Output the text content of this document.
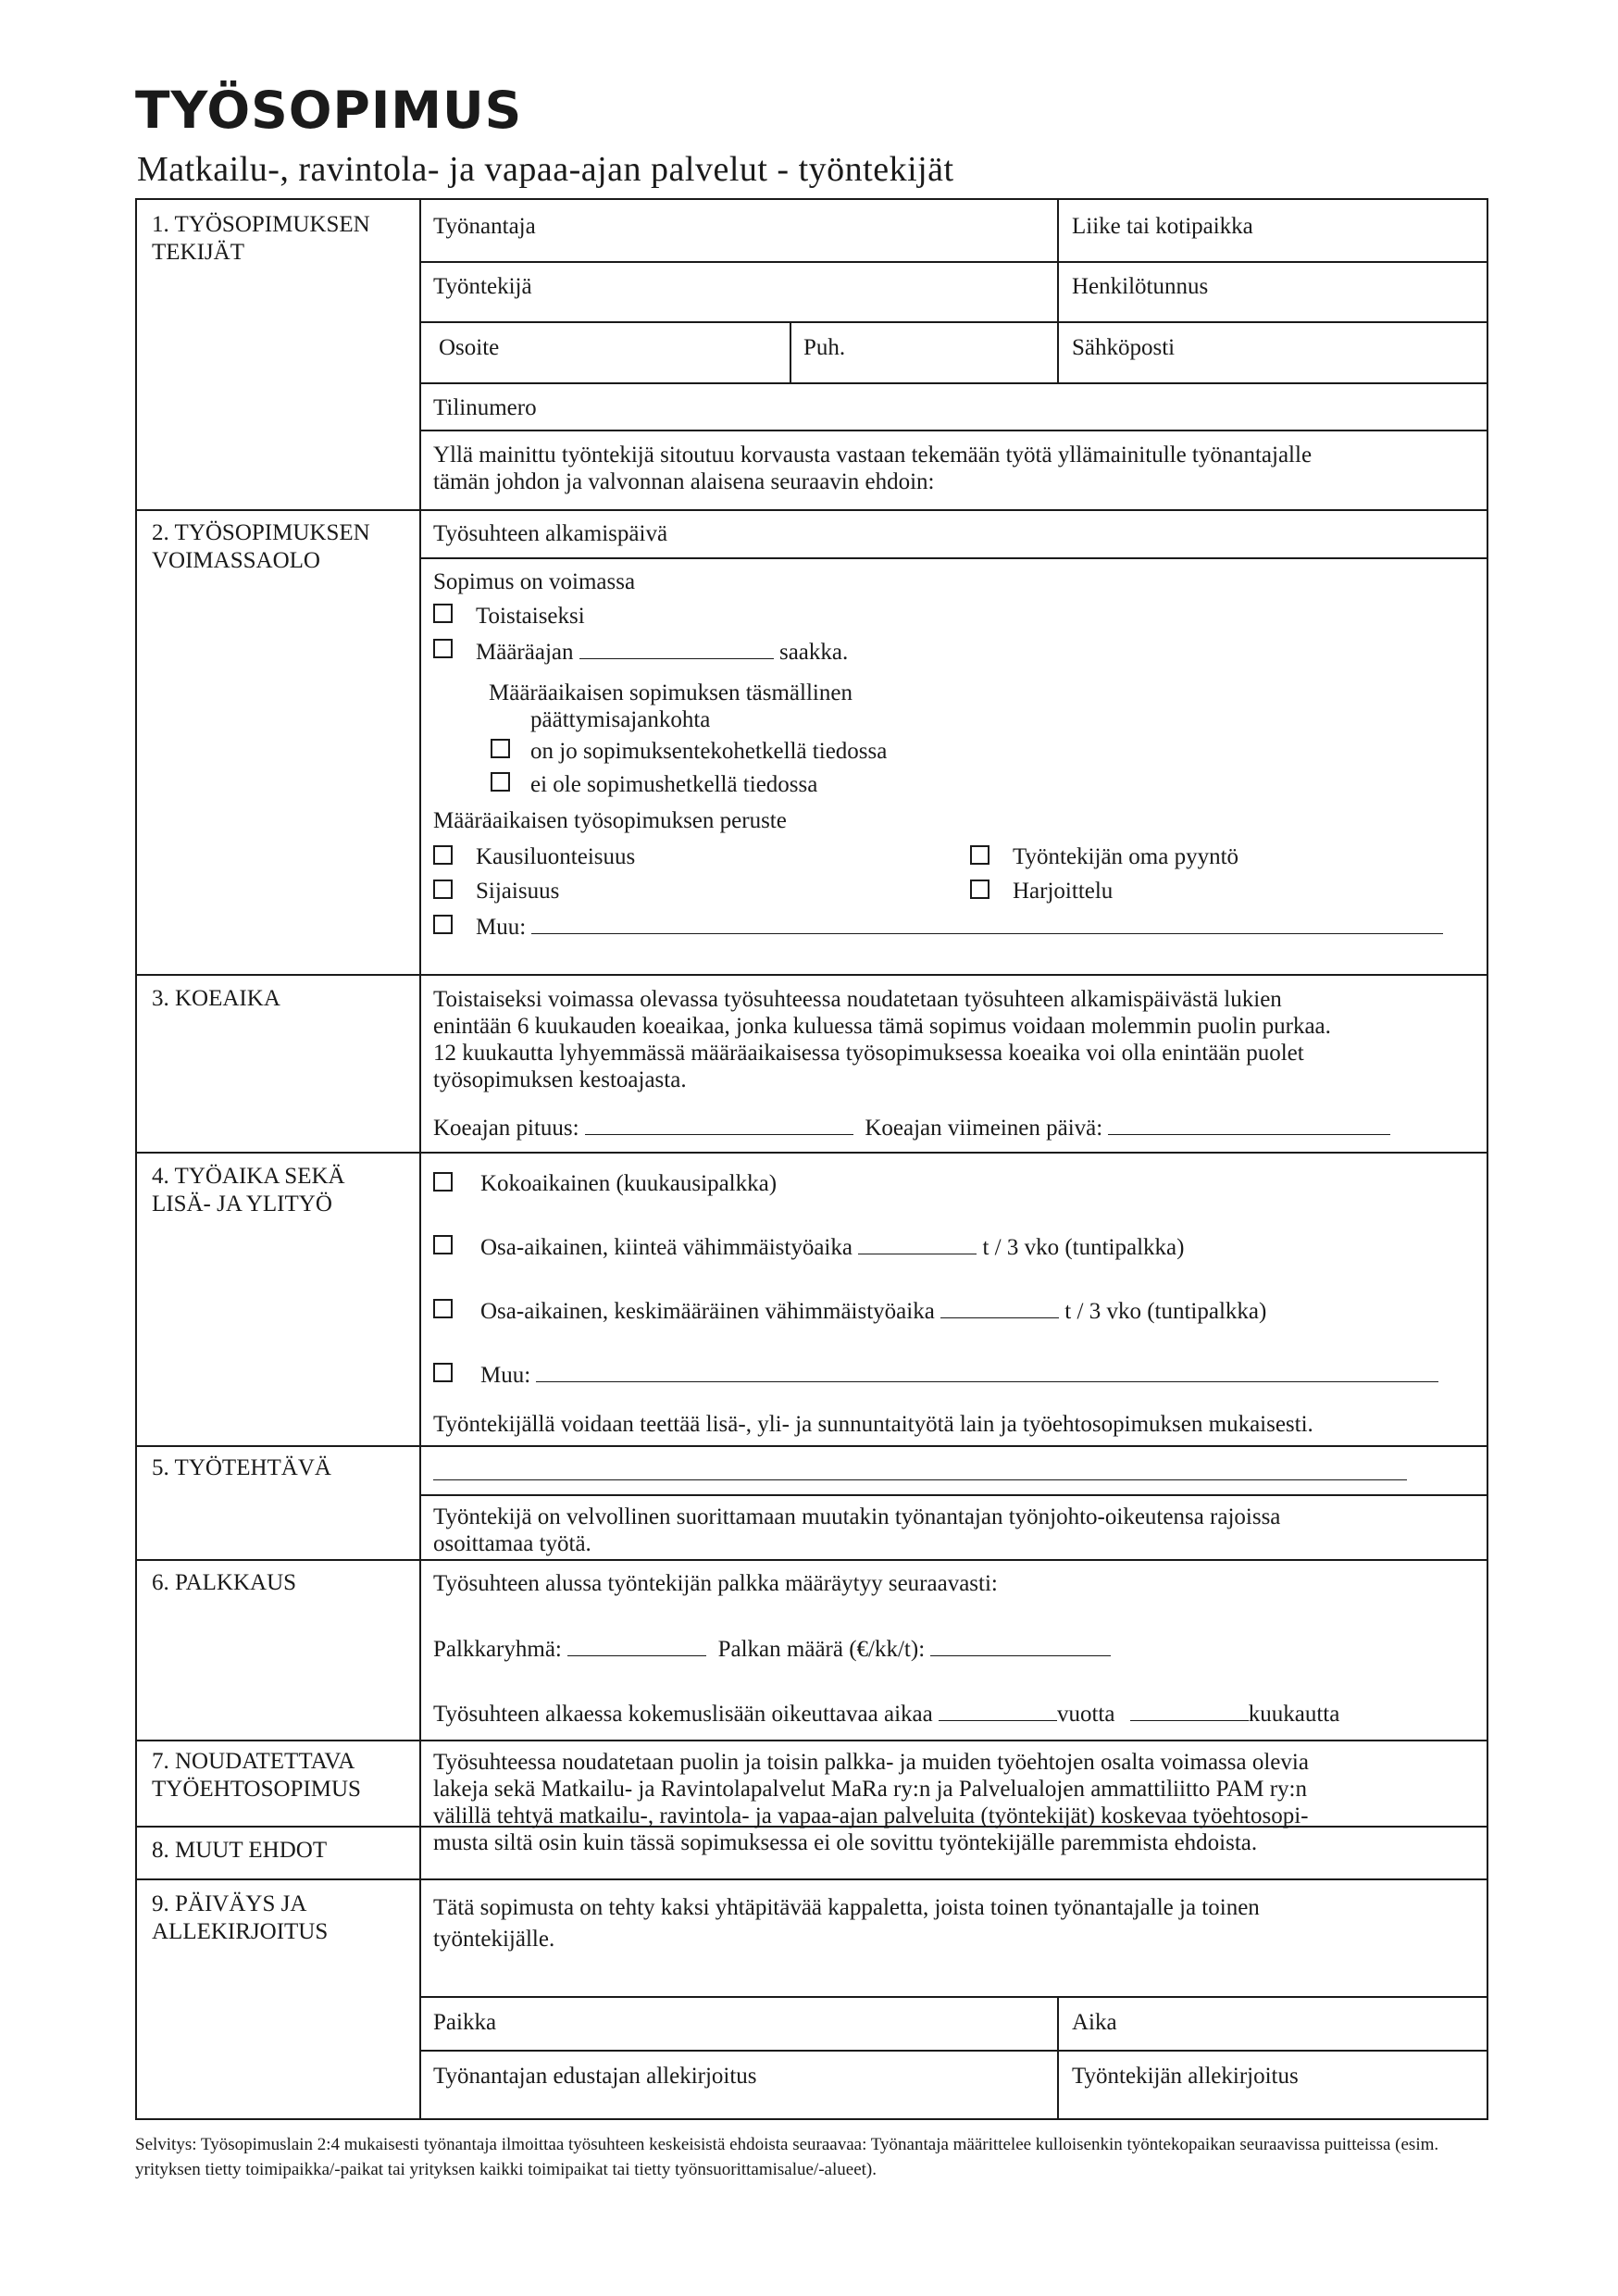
TYÖSOPIMUS
Matkailu-, ravintola- ja vapaa-ajan palvelut - työntekijät
1. TYÖSOPIMUKSEN
TEKIJÄT
Työnantaja	Liike tai kotipaikka
Työntekijä	Henkilötunnus
Osoite	Puh.	Sähköposti
Tilinumero
Yllä mainittu työntekijä sitoutuu korvausta vastaan tekemään työtä yllämainitulle työnantajalle
tämän johdon ja valvonnan alaisena seuraavin ehdoin:
2. TYÖSOPIMUKSEN
VOIMASSAOLO
Työsuhteen alkamispäivä
Sopimus on voimassa
Toistaiseksi
Määräajan	saakka.
Määräaikaisen sopimuksen täsmällinen
päättymisajankohta
on jo sopimuksentekohetkellä tiedossa
ei ole sopimushetkellä tiedossa
Määräaikaisen työsopimuksen peruste
Kausiluonteisuus	Työntekijän oma pyyntö
Sijaisuus	Harjoittelu
Muu:
3. KOEAIKA	Toistaiseksi voimassa olevassa työsuhteessa noudatetaan työsuhteen alkamispäivästä lukien
enintään 6 kuukauden koeaikaa, jonka kuluessa tämä sopimus voidaan molemmin puolin purkaa.
12 kuukautta lyhyemmässä määräaikaisessa työsopimuksessa koeaika voi olla enintään puolet
työsopimuksen kestoajasta.
Koeajan pituus:	Koeajan viimeinen päivä:
4. TYÖAIKA SEKÄ
LISÄ- JA YLITYÖ
Kokoaikainen (kuukausipalkka)
Osa-aikainen, kiinteä vähimmäistyöaika	t / 3 vko (tuntipalkka)
Osa-aikainen, keskimääräinen vähimmäistyöaika	t / 3 vko (tuntipalkka)
Muu:
Työntekijällä voidaan teettää lisä-, yli- ja sunnuntaityötä lain ja työehtosopimuksen mukaisesti.
5. TYÖTEHTÄVÄ
Työntekijä on velvollinen suorittamaan muutakin työnantajan työnjohto-oikeutensa rajoissa
osoittamaa työtä.
6. PALKKAUS	Työsuhteen alussa työntekijän palkka määräytyy seuraavasti:
Palkkaryhmä:	Palkan määrä (€/kk/t):
Työsuhteen alkaessa kokemuslisään oikeuttavaa aikaa	vuotta	kuukautta
7. NOUDATETTAVA
TYÖEHTOSOPIMUS
Työsuhteessa noudatetaan puolin ja toisin palkka- ja muiden työehtojen osalta voimassa olevia
lakeja sekä Matkailu- ja Ravintolapalvelut MaRa ry:n ja Palvelualojen ammattiliitto PAM ry:n
välillä tehtyä matkailu-, ravintola- ja vapaa-ajan palveluita (työntekijät) koskevaa työehtosopi-
musta siltä osin kuin tässä sopimuksessa ei ole sovittu työntekijälle paremmista ehdoista.
8. MUUT EHDOT
9. PÄIVÄYS JA
ALLEKIRJOITUS
Tätä sopimusta on tehty kaksi yhtäpitävää kappaletta, joista toinen työnantajalle ja toinen
työntekijälle.
Paikka	Aika
Työnantajan edustajan allekirjoitus	Työntekijän allekirjoitus
Selvitys: Työsopimuslain 2:4 mukaisesti työnantaja ilmoittaa työsuhteen keskeisistä ehdoista seuraavaa: Työnantaja määrittelee kulloisenkin työntekopaikan seuraavissa puitteissa (esim. yrityksen tietty toimipaikka/-paikat tai yrityksen kaikki toimipaikat tai tietty työnsuorittamisalue/-alueet).
